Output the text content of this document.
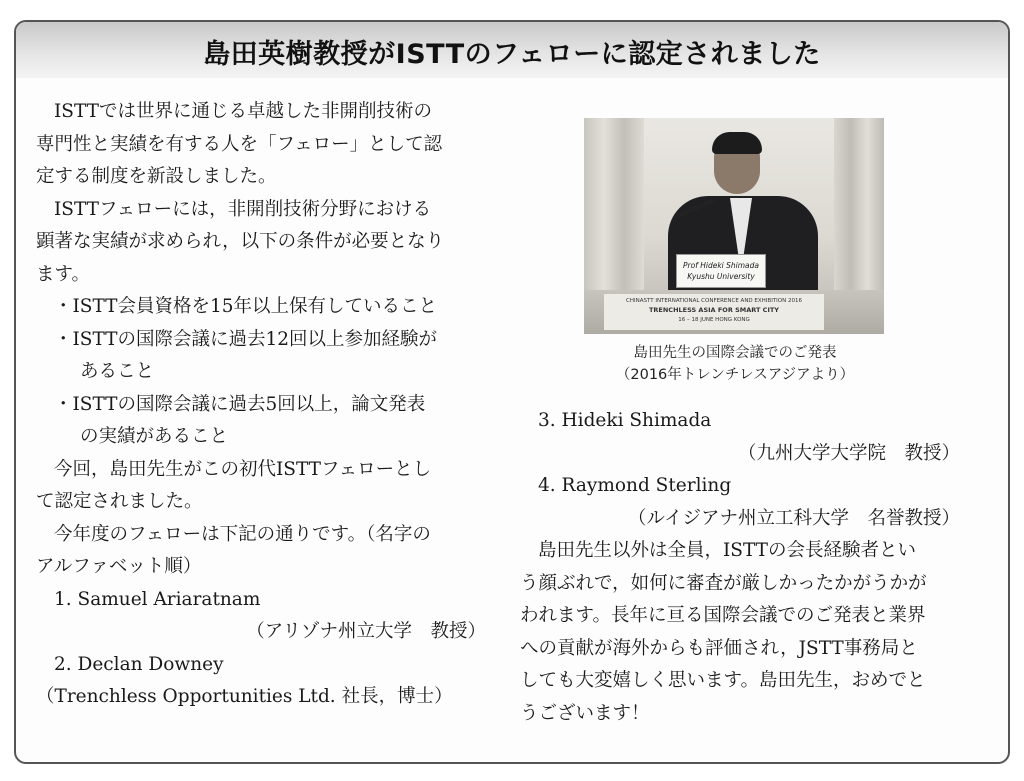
島田英樹教授がISTTのフェローに認定されました
ISTTでは世界に通じる卓越した非開削技術の
専門性と実績を有する人を「フェロー」として認
定する制度を新設しました。
ISTTフェローには，非開削技術分野における
顕著な実績が求められ，以下の条件が必要となり
ます。
・ISTT会員資格を15年以上保有していること
・ISTTの国際会議に過去12回以上参加経験が
あること
・ISTTの国際会議に過去5回以上，論文発表
の実績があること
今回，島田先生がこの初代ISTTフェローとし
て認定されました。
今年度のフェローは下記の通りです。（名字の
アルファベット順）
1. Samuel Ariaratnam
（アリゾナ州立大学　教授）
2. Declan Downey
（Trenchless Opportunities Ltd. 社長，博士）
Prof Hideki Shimada
Kyushu University
CHINASTT INTERNATIONAL CONFERENCE AND EXHIBITION 2016
TRENCHLESS ASIA FOR SMART CITY
16 – 18 JUNE HONG KONG
島田先生の国際会議でのご発表
（2016年トレンチレスアジアより）
3. Hideki Shimada
（九州大学大学院　教授）
4. Raymond Sterling
（ルイジアナ州立工科大学　名誉教授）
島田先生以外は全員，ISTTの会長経験者とい
う顔ぶれで，如何に審査が厳しかったかがうかが
われます。長年に亘る国際会議でのご発表と業界
への貢献が海外からも評価され，JSTT事務局と
しても大変嬉しく思います。島田先生，おめでと
うございます！
